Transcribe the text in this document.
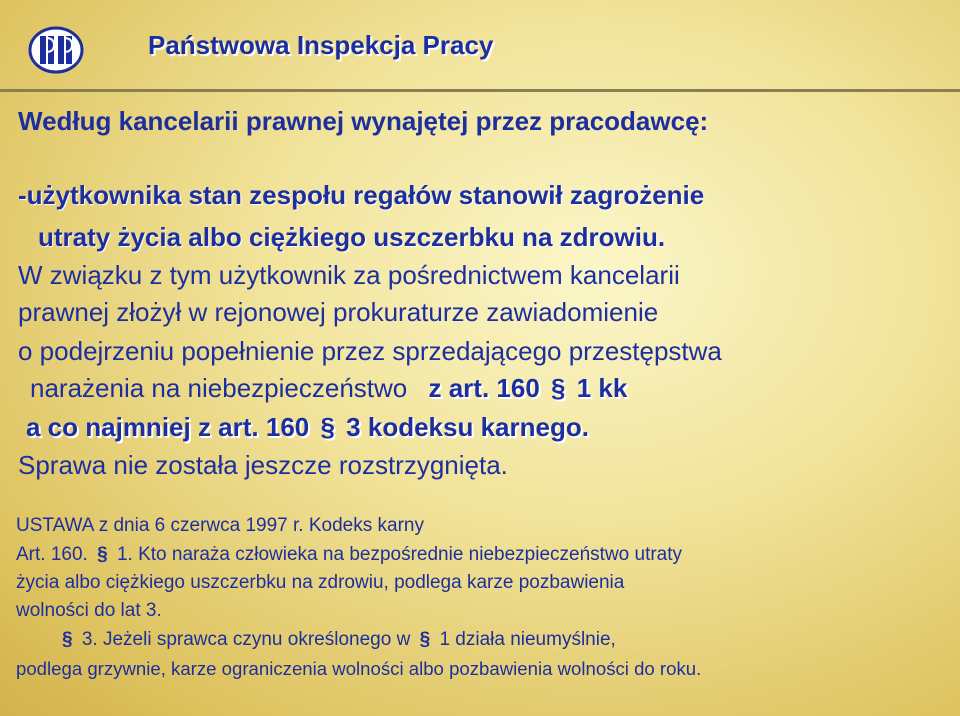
Państwowa Inspekcja Pracy
Według kancelarii prawnej wynajętej przez pracodawcę:
-użytkownika stan zespołu regałów stanowił zagrożenie
utraty życia albo ciężkiego uszczerbku na zdrowiu.
W związku z tym użytkownik za pośrednictwem kancelarii
prawnej złożył w rejonowej prokuraturze zawiadomienie
o podejrzeniu popełnienie przez sprzedającego przestępstwa
narażenia na niebezpieczeństwo z art. 160 § 1 kk
a co najmniej z art. 160 § 3 kodeksu karnego.
Sprawa nie została jeszcze rozstrzygnięta.
USTAWA z dnia 6 czerwca 1997 r. Kodeks karny
Art. 160. § 1. Kto naraża człowieka na bezpośrednie niebezpieczeństwo utraty
życia albo ciężkiego uszczerbku na zdrowiu, podlega karze pozbawienia
wolności do lat 3.
§ 3. Jeżeli sprawca czynu określonego w § 1 działa nieumyślnie,
podlega grzywnie, karze ograniczenia wolności albo pozbawienia wolności do roku.
